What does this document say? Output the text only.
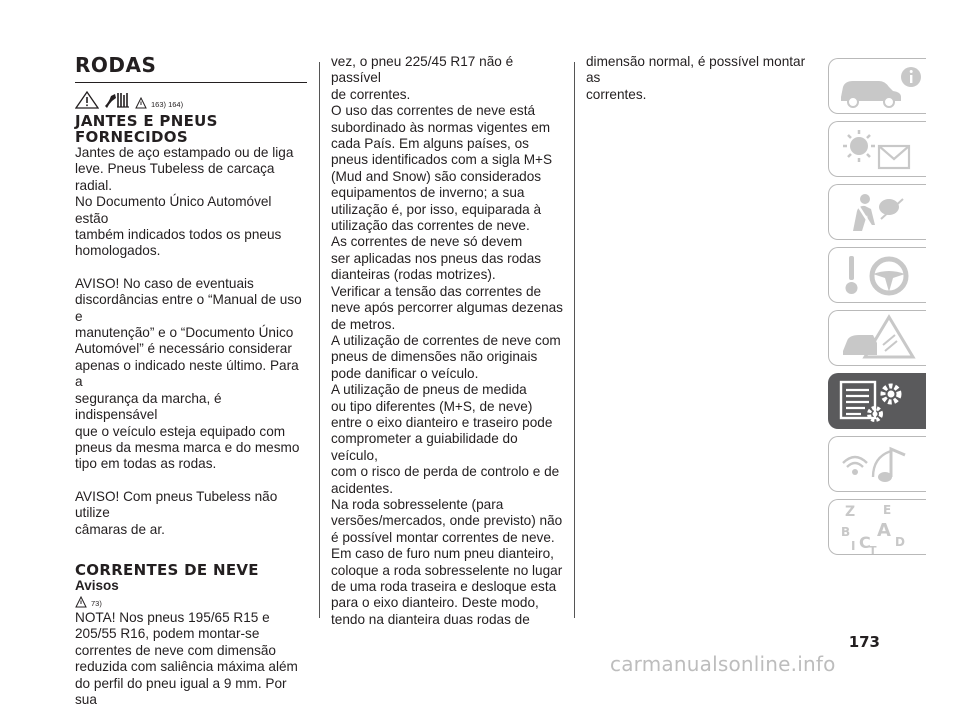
RODAS
163) 164)
JANTES E PNEUS
FORNECIDOS

Jantes de aço estampado ou de liga
leve. Pneus Tubeless de carcaça radial.
No Documento Único Automóvel estão
também indicados todos os pneus
homologados.

AVISO! No caso de eventuais
discordâncias entre o “Manual de uso e
manutenção” e o “Documento Único
Automóvel” é necessário considerar
apenas o indicado neste último. Para a
segurança da marcha, é indispensável
que o veículo esteja equipado com
pneus da mesma marca e do mesmo
tipo em todas as rodas.

AVISO! Com pneus Tubeless não utilize
câmaras de ar.

CORRENTES DE NEVE
Avisos
73)

NOTA! Nos pneus 195/65 R15 e
205/55 R16, podem montar-se
correntes de neve com dimensão
reduzida com saliência máxima além
do perfil do pneu igual a 9 mm. Por sua

vez, o pneu 225/45 R17 não é passível
de correntes.
O uso das correntes de neve está
subordinado às normas vigentes em
cada País. Em alguns países, os
pneus identificados com a sigla M+S
(Mud and Snow) são considerados
equipamentos de inverno; a sua
utilização é, por isso, equiparada à
utilização das correntes de neve.
As correntes de neve só devem
ser aplicadas nos pneus das rodas
dianteiras (rodas motrizes).
Verificar a tensão das correntes de
neve após percorrer algumas dezenas
de metros.
A utilização de correntes de neve com
pneus de dimensões não originais
pode danificar o veículo.
A utilização de pneus de medida
ou tipo diferentes (M+S, de neve)
entre o eixo dianteiro e traseiro pode
comprometer a guiabilidade do veículo,
com o risco de perda de controlo e de
acidentes.
Na roda sobresselente (para
versões/mercados, onde previsto) não
é possível montar correntes de neve.
Em caso de furo num pneu dianteiro,
coloque a roda sobresselente no lugar
de uma roda traseira e desloque esta
para o eixo dianteiro. Deste modo,
tendo na dianteira duas rodas de

dimensão normal, é possível montar as
correntes.

Z E
B A
I C
T
D
173
carmanualsonline.info
